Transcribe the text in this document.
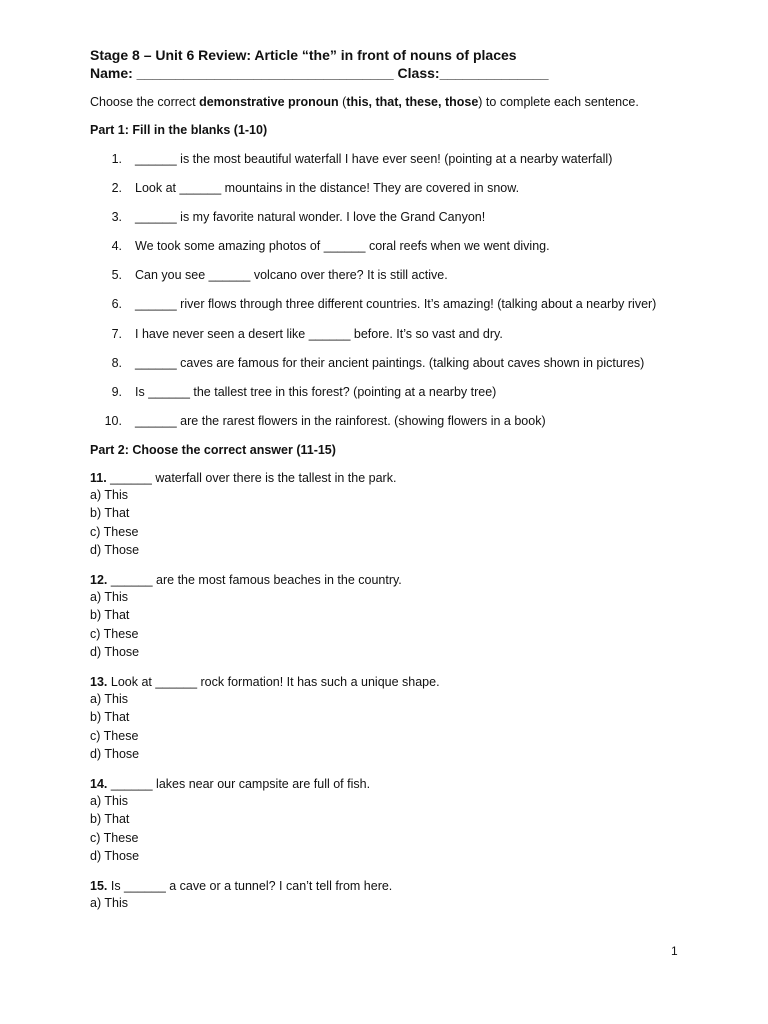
Stage 8 – Unit 6 Review: Article “the” in front of nouns of places

Name: _________________________________ Class:______________

Choose the correct demonstrative pronoun (this, that, these, those) to complete each sentence.
Part 1: Fill in the blanks (1-10)
1.	______ is the most beautiful waterfall I have ever seen! (pointing at a nearby waterfall)
2.	Look at ______ mountains in the distance! They are covered in snow.
3.	______ is my favorite natural wonder. I love the Grand Canyon!
4.	We took some amazing photos of ______ coral reefs when we went diving.
5.	Can you see ______ volcano over there? It is still active.
6.	______ river flows through three different countries. It’s amazing! (talking about a nearby river)
7.	I have never seen a desert like ______ before. It’s so vast and dry.
8.	______ caves are famous for their ancient paintings. (talking about caves shown in pictures)
9.	Is ______ the tallest tree in this forest? (pointing at a nearby tree)
10.	______ are the rarest flowers in the rainforest. (showing flowers in a book)
Part 2: Choose the correct answer (11-15)
11. ______ waterfall over there is the tallest in the park.
a) This
b) That
c) These
d) Those
12. ______ are the most famous beaches in the country.
a) This
b) That
c) These
d) Those
13. Look at ______ rock formation! It has such a unique shape.
a) This
b) That
c) These
d) Those
14. ______ lakes near our campsite are full of fish.
a) This
b) That
c) These
d) Those
15. Is ______ a cave or a tunnel? I can’t tell from here.
a) This
1
